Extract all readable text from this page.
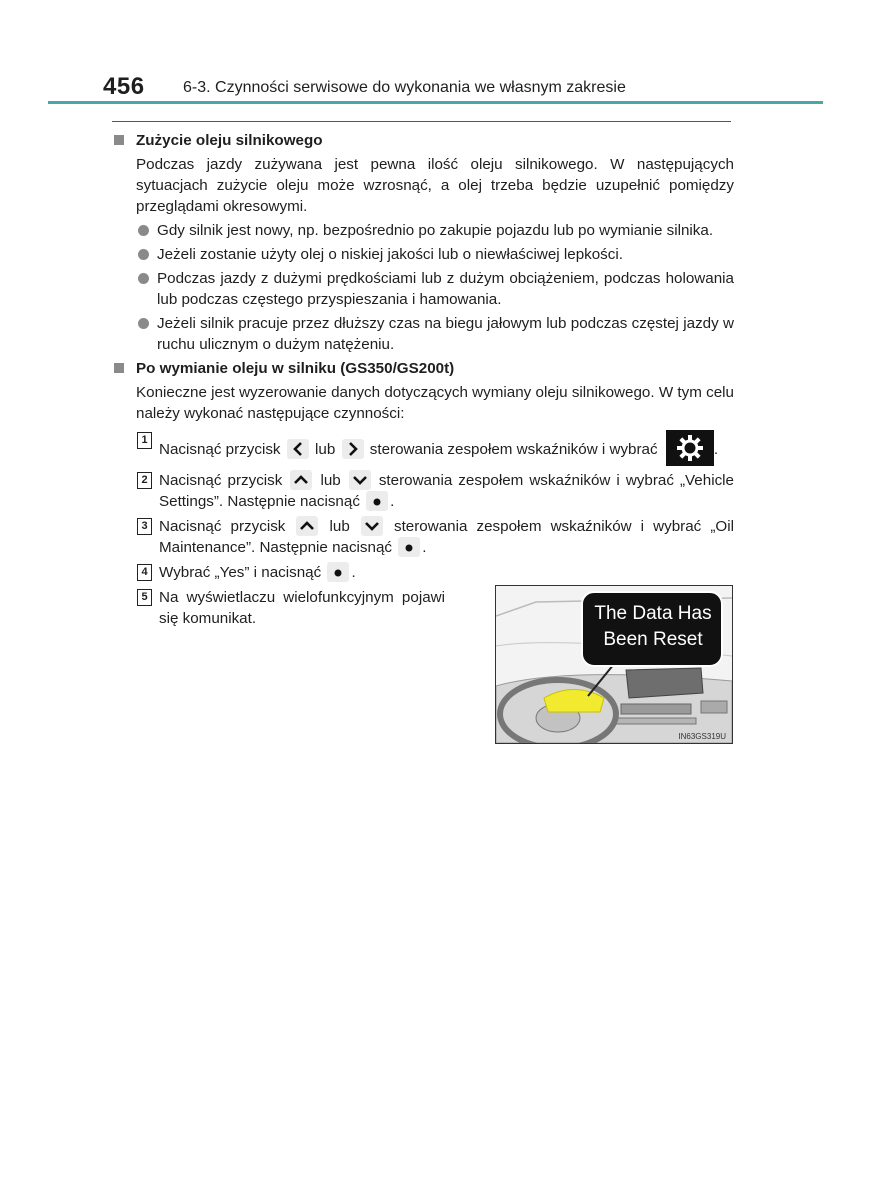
456 6-3. Czynności serwisowe do wykonania we własnym zakresie
Zużycie oleju silnikowego
Podczas jazdy zużywana jest pewna ilość oleju silnikowego. W następujących sytuacjach zużycie oleju może wzrosnąć, a olej trzeba będzie uzupełnić pomiędzy przeglądami okresowymi.
Gdy silnik jest nowy, np. bezpośrednio po zakupie pojazdu lub po wymianie silnika.
Jeżeli zostanie użyty olej o niskiej jakości lub o niewłaściwej lepkości.
Podczas jazdy z dużymi prędkościami lub z dużym obciążeniem, podczas holowania lub podczas częstego przyspieszania i hamowania.
Jeżeli silnik pracuje przez dłuższy czas na biegu jałowym lub podczas częstej jazdy w ruchu ulicznym o dużym natężeniu.
Po wymianie oleju w silniku (GS350/GS200t)
Konieczne jest wyzerowanie danych dotyczących wymiany oleju silnikowego. W tym celu należy wykonać następujące czynności:
1
Nacisnąć przycisk lub sterowania zespołem wskaźników i wybrać	.
2 Nacisnąć przycisk	lub	sterowania zespołem wskaźników i wybrać „Vehicle Settings”. Następnie nacisnąć .
3 Nacisnąć przycisk	lub	sterowania zespołem wskaźników i wybrać „Oil Maintenance”. Następnie nacisnąć .
4 Wybrać „Yes” i nacisnąć .
5 Na wyświetlaczu wielofunkcyjnym pojawi się komunikat.	The Data Has
Been Reset
IN63GS319U
